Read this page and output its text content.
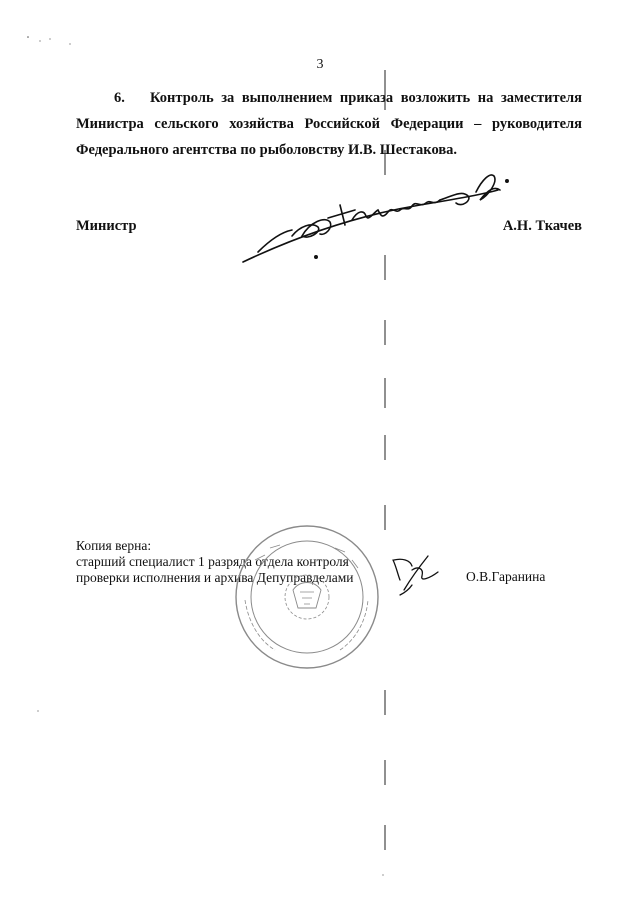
3
6. Контроль за выполнением приказа возложить на заместителя Министра сельского хозяйства Российской Федерации – руководителя Федерального агентства по рыболовству И.В. Шестакова.
Министр	А.Н. Ткачев
Копия верна:
старший специалист 1 разряда отдела контроля
проверки исполнения и архива Депуправделами	О.В.Гаранина
